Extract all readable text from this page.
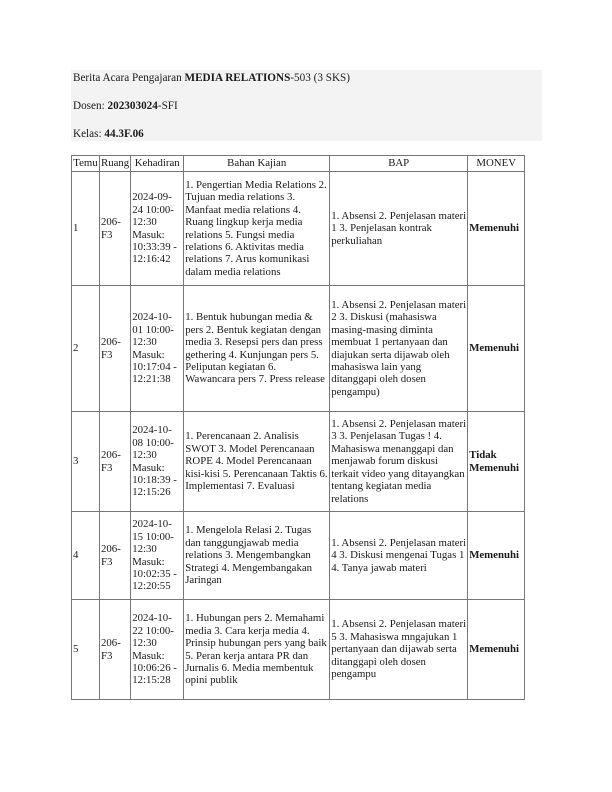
Berita Acara Pengajaran MEDIA RELATIONS-503 (3 SKS)
Dosen: 202303024-SFI
Kelas: 44.3F.06
Temu	Ruang	Kehadiran	Bahan Kajian	BAP	MONEV
1	206-F3	2024-09-24 10:00-12:30 Masuk: 10:33:39 - 12:16:42	1. Pengertian Media Relations 2. Tujuan media relations 3. Manfaat media relations 4. Ruang lingkup kerja media relations 5. Fungsi media relations 6. Aktivitas media relations 7. Arus komunikasi dalam media relations	1. Absensi 2. Penjelasan materi 1 3. Penjelasan kontrak perkuliahan	Memenuhi
2	206-F3	2024-10-01 10:00-12:30 Masuk: 10:17:04 - 12:21:38	1. Bentuk hubungan media & pers 2. Bentuk kegiatan dengan media 3. Resepsi pers dan press gethering 4. Kunjungan pers 5. Peliputan kegiatan 6. Wawancara pers 7. Press release	1. Absensi 2. Penjelasan materi 2 3. Diskusi (mahasiswa masing-masing diminta membuat 1 pertanyaan dan diajukan serta dijawab oleh mahasiswa lain yang ditanggapi oleh dosen pengampu)	Memenuhi
3	206-F3	2024-10-08 10:00-12:30 Masuk: 10:18:39 - 12:15:26	1. Perencanaan 2. Analisis SWOT 3. Model Perencanaan ROPE 4. Model Perencanaan kisi-kisi 5. Perencanaan Taktis 6. Implementasi 7. Evaluasi	1. Absensi 2. Penjelasan materi 3 3. Penjelasan Tugas ! 4. Mahasiswa menanggapi dan menjawab forum diskusi terkait video yang ditayangkan tentang kegiatan media relations	Tidak Memenuhi
4	206-F3	2024-10-15 10:00-12:30 Masuk: 10:02:35 - 12:20:55	1. Mengelola Relasi 2. Tugas dan tanggungjawab media relations 3. Mengembangkan Strategi 4. Mengembangakan Jaringan	1. Absensi 2. Penjelasan materi 4 3. Diskusi mengenai Tugas 1 4. Tanya jawab materi	Memenuhi
5	206-F3	2024-10-22 10:00-12:30 Masuk: 10:06:26 - 12:15:28	1. Hubungan pers 2. Memahami media 3. Cara kerja media 4. Prinsip hubungan pers yang baik 5. Peran kerja antara PR dan Jurnalis 6. Media membentuk opini publik	1. Absensi 2. Penjelasan materi 5 3. Mahasiswa mngajukan 1 pertanyaan dan dijawab serta ditanggapi oleh dosen pengampu	Memenuhi
